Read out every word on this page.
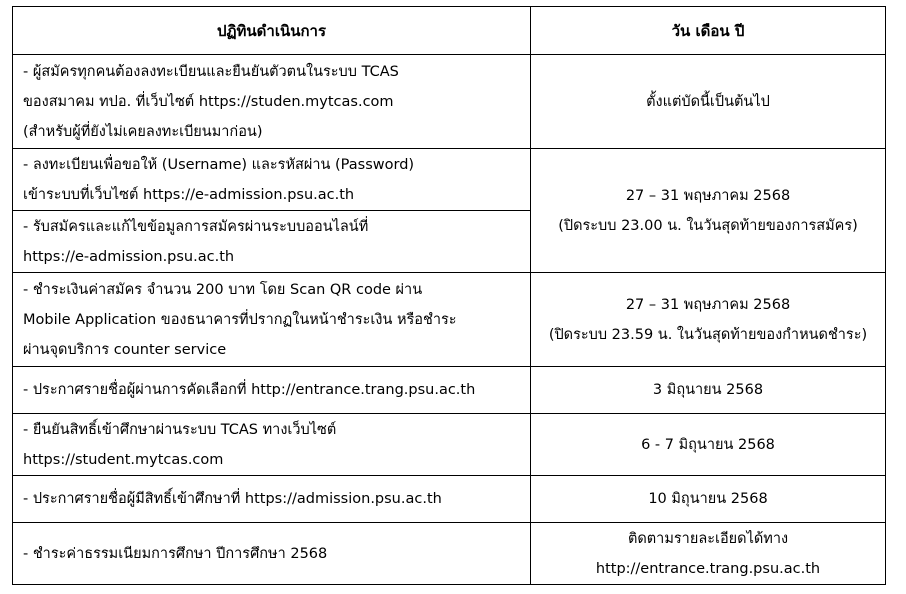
ปฏิทินดำเนินการ	วัน เดือน ปี

- ผู้สมัครทุกคนต้องลงทะเบียนและยืนยันตัวตนในระบบ TCAS
ของสมาคม ทปอ. ที่เว็บไซต์ https://studen.mytcas.com
(สำหรับผู้ที่ยังไม่เคยลงทะเบียนมาก่อน)	ตั้งแต่บัดนี้เป็นต้นไป

- ลงทะเบียนเพื่อขอให้ (Username) และรหัสผ่าน (Password)
เข้าระบบที่เว็บไซต์ https://e-admission.psu.ac.th	27 – 31 พฤษภาคม 2568
(ปิดระบบ 23.00 น. ในวันสุดท้ายของการสมัคร)

- รับสมัครและแก้ไขข้อมูลการสมัครผ่านระบบออนไลน์ที่
https://e-admission.psu.ac.th	

- ชำระเงินค่าสมัคร จำนวน 200 บาท โดย Scan QR code ผ่าน
Mobile Application ของธนาคารที่ปรากฏในหน้าชำระเงิน หรือชำระ
ผ่านจุดบริการ counter service	27 – 31 พฤษภาคม 2568
(ปิดระบบ 23.59 น. ในวันสุดท้ายของกำหนดชำระ)

- ประกาศรายชื่อผู้ผ่านการคัดเลือกที่ http://entrance.trang.psu.ac.th	3 มิถุนายน 2568

- ยืนยันสิทธิ์เข้าศึกษาผ่านระบบ TCAS ทางเว็บไซต์
https://student.mytcas.com	6 - 7 มิถุนายน 2568

- ประกาศรายชื่อผู้มีสิทธิ์เข้าศึกษาที่ https://admission.psu.ac.th	10 มิถุนายน 2568

- ชำระค่าธรรมเนียมการศึกษา ปีการศึกษา 2568	ติดตามรายละเอียดได้ทาง
http://entrance.trang.psu.ac.th
